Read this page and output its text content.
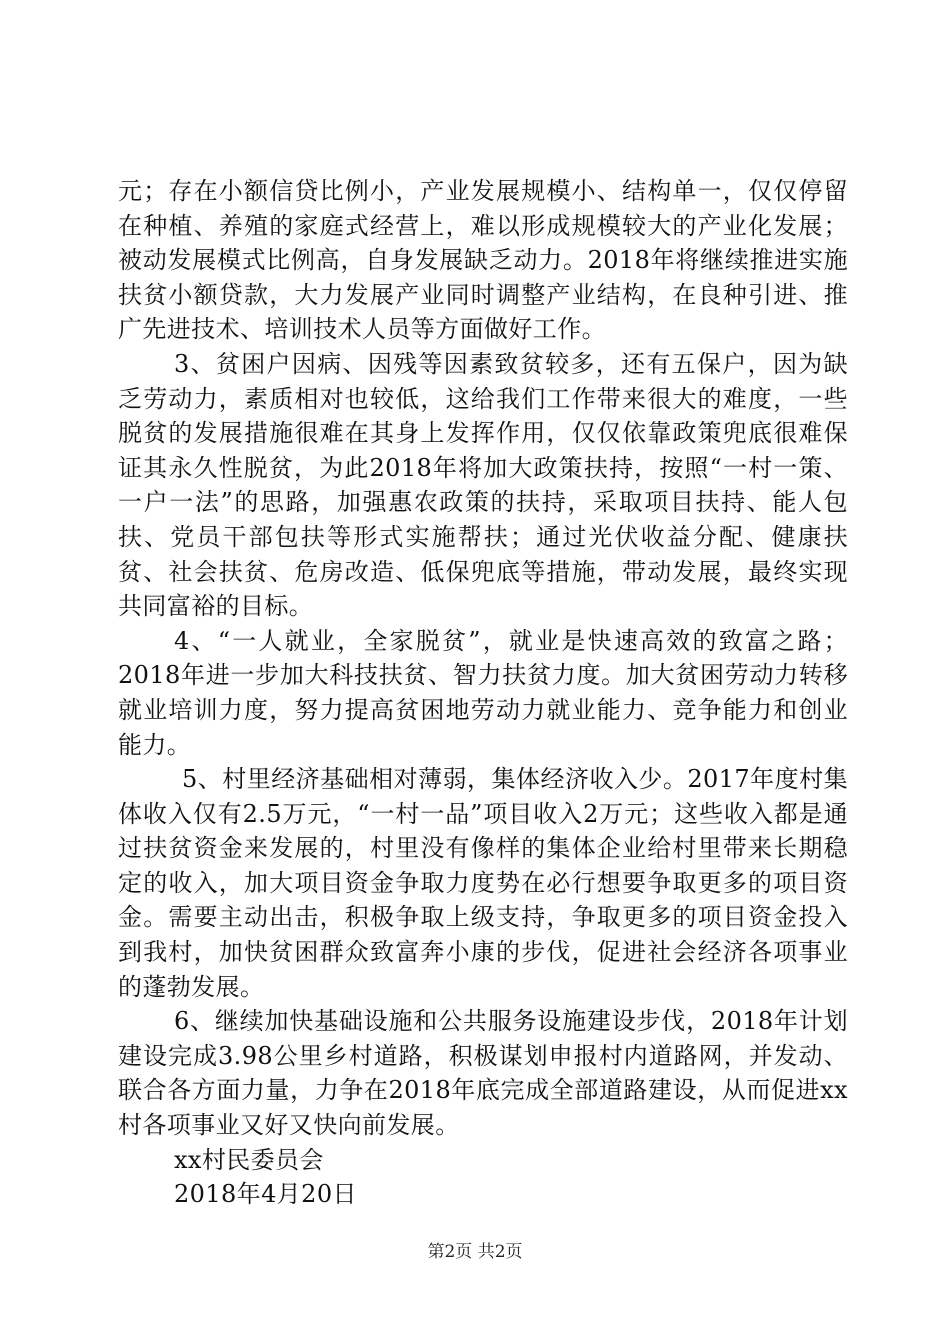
元；存在小额信贷比例小，产业发展规模小、结构单一，仅仅停留在种植、养殖的家庭式经营上，难以形成规模较大的产业化发展；被动发展模式比例高，自身发展缺乏动力。2018年将继续推进实施扶贫小额贷款，大力发展产业同时调整产业结构，在良种引进、推广先进技术、培训技术人员等方面做好工作。

3、贫困户因病、因残等因素致贫较多，还有五保户，因为缺乏劳动力，素质相对也较低，这给我们工作带来很大的难度，一些脱贫的发展措施很难在其身上发挥作用，仅仅依靠政策兜底很难保证其永久性脱贫，为此2018年将加大政策扶持，按照“一村一策、一户一法”的思路，加强惠农政策的扶持，采取项目扶持、能人包扶、党员干部包扶等形式实施帮扶；通过光伏收益分配、健康扶贫、社会扶贫、危房改造、低保兜底等措施，带动发展，最终实现共同富裕的目标。

4、“一人就业，全家脱贫”，就业是快速高效的致富之路；2018年进一步加大科技扶贫、智力扶贫力度。加大贫困劳动力转移就业培训力度，努力提高贫困地劳动力就业能力、竞争能力和创业能力。

5、村里经济基础相对薄弱，集体经济收入少。2017年度村集体收入仅有2.5万元，“一村一品”项目收入2万元；这些收入都是通过扶贫资金来发展的，村里没有像样的集体企业给村里带来长期稳定的收入，加大项目资金争取力度势在必行想要争取更多的项目资金。需要主动出击，积极争取上级支持，争取更多的项目资金投入到我村，加快贫困群众致富奔小康的步伐，促进社会经济各项事业的蓬勃发展。

6、继续加快基础设施和公共服务设施建设步伐，2018年计划建设完成3.98公里乡村道路，积极谋划申报村内道路网，并发动、联合各方面力量，力争在2018年底完成全部道路建设，从而促进xx村各项事业又好又快向前发展。

xx村民委员会

2018年4月20日

第2页 共2页
